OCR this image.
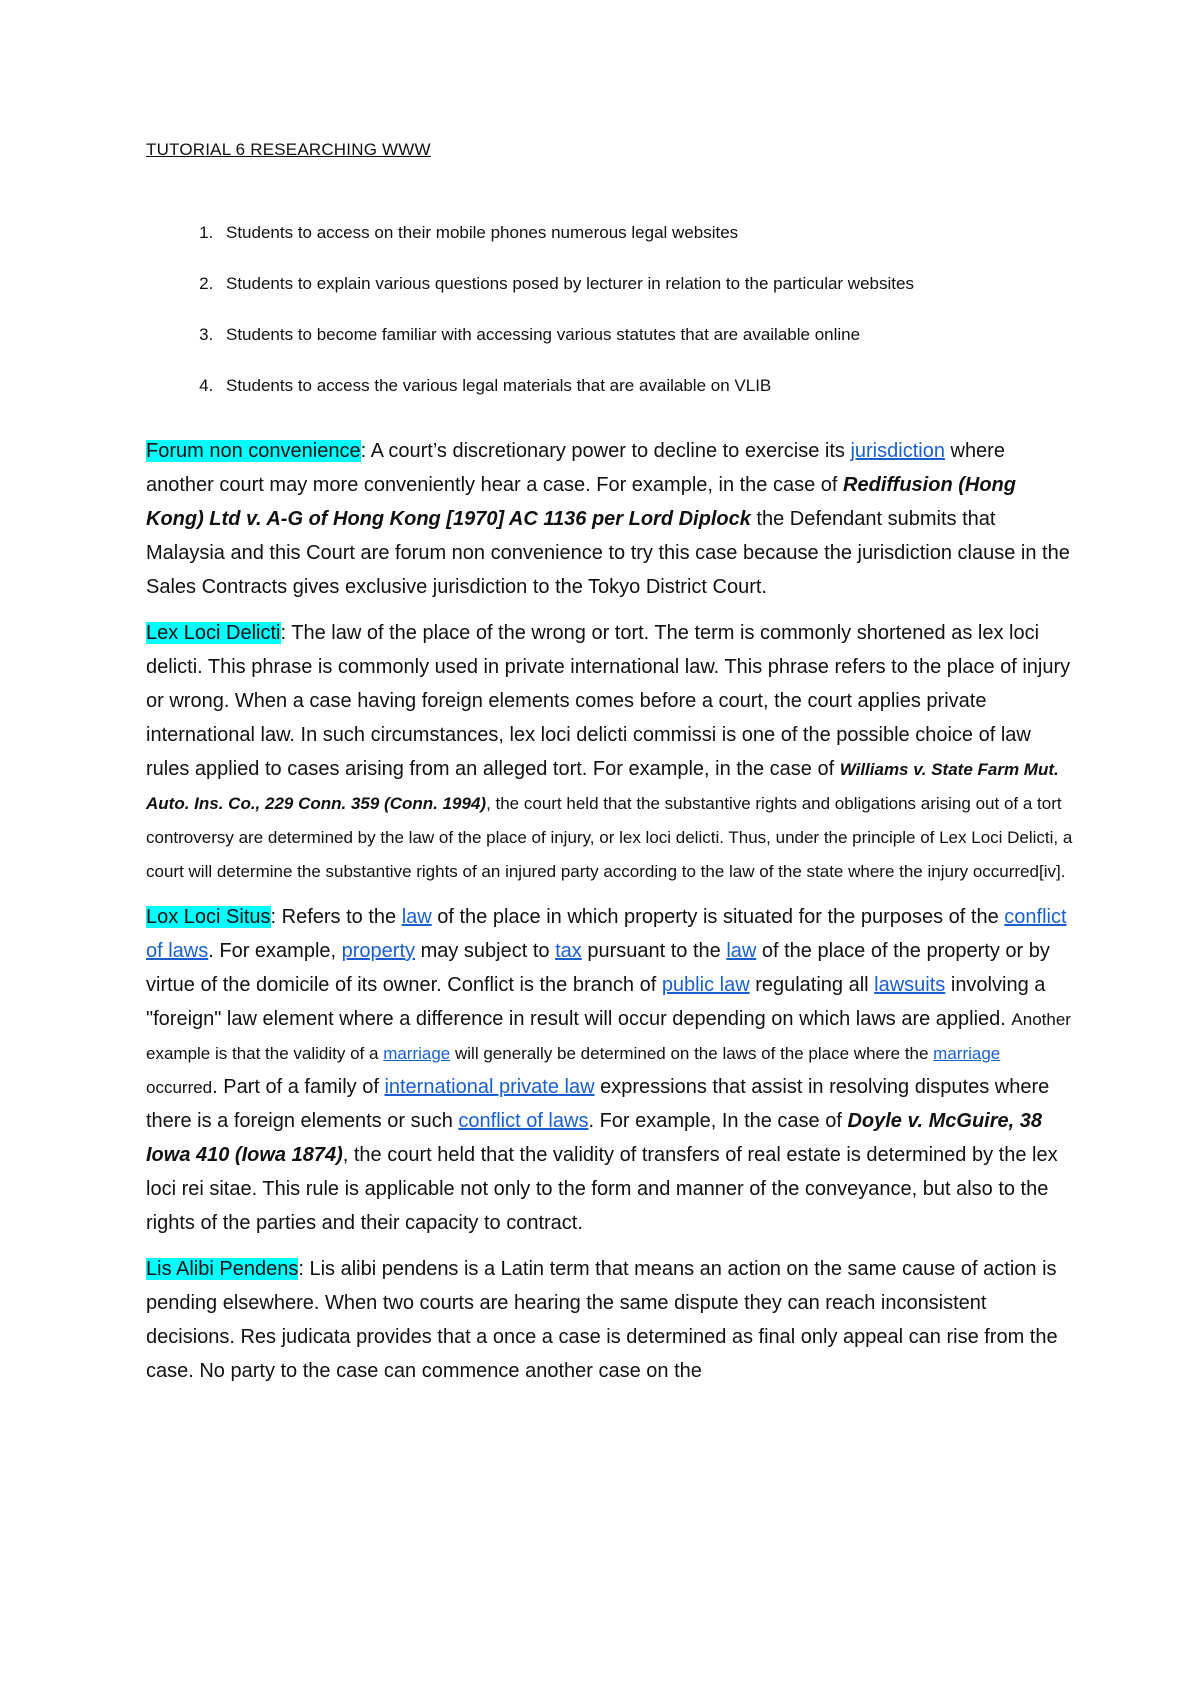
TUTORIAL 6 RESEARCHING WWW
1. Students to access on their mobile phones numerous legal websites
2. Students to explain various questions posed by lecturer in relation to the particular websites
3. Students to become familiar with accessing various statutes that are available online
4. Students to access the various legal materials that are available on VLIB

Forum non convenience: A court’s discretionary power to decline to exercise its jurisdiction where another court may more conveniently hear a case. For example, in the case of Rediffusion (Hong Kong) Ltd v. A-G of Hong Kong [1970] AC 1136 per Lord Diplock the Defendant submits that Malaysia and this Court are forum non convenience to try this case because the jurisdiction clause in the Sales Contracts gives exclusive jurisdiction to the Tokyo District Court.

Lex Loci Delicti: The law of the place of the wrong or tort. The term is commonly shortened as lex loci delicti. This phrase is commonly used in private international law. This phrase refers to the place of injury or wrong. When a case having foreign elements comes before a court, the court applies private international law. In such circumstances, lex loci delicti commissi is one of the possible choice of law rules applied to cases arising from an alleged tort. For example, in the case of Williams v. State Farm Mut. Auto. Ins. Co., 229 Conn. 359 (Conn. 1994), the court held that the substantive rights and obligations arising out of a tort controversy are determined by the law of the place of injury, or lex loci delicti. Thus, under the principle of Lex Loci Delicti, a court will determine the substantive rights of an injured party according to the law of the state where the injury occurred[iv].

Lox Loci Situs: Refers to the law of the place in which property is situated for the purposes of the conflict of laws. For example, property may subject to tax pursuant to the law of the place of the property or by virtue of the domicile of its owner. Conflict is the branch of public law regulating all lawsuits involving a "foreign" law element where a difference in result will occur depending on which laws are applied. Another example is that the validity of a marriage will generally be determined on the laws of the place where the marriage occurred. Part of a family of international private law expressions that assist in resolving disputes where there is a foreign elements or such conflict of laws. For example, In the case of Doyle v. McGuire, 38 Iowa 410 (Iowa 1874), the court held that the validity of transfers of real estate is determined by the lex loci rei sitae. This rule is applicable not only to the form and manner of the conveyance, but also to the rights of the parties and their capacity to contract.

Lis Alibi Pendens: Lis alibi pendens is a Latin term that means an action on the same cause of action is pending elsewhere. When two courts are hearing the same dispute they can reach inconsistent decisions. Res judicata provides that a once a case is determined as final only appeal can rise from the case. No party to the case can commence another case on the
